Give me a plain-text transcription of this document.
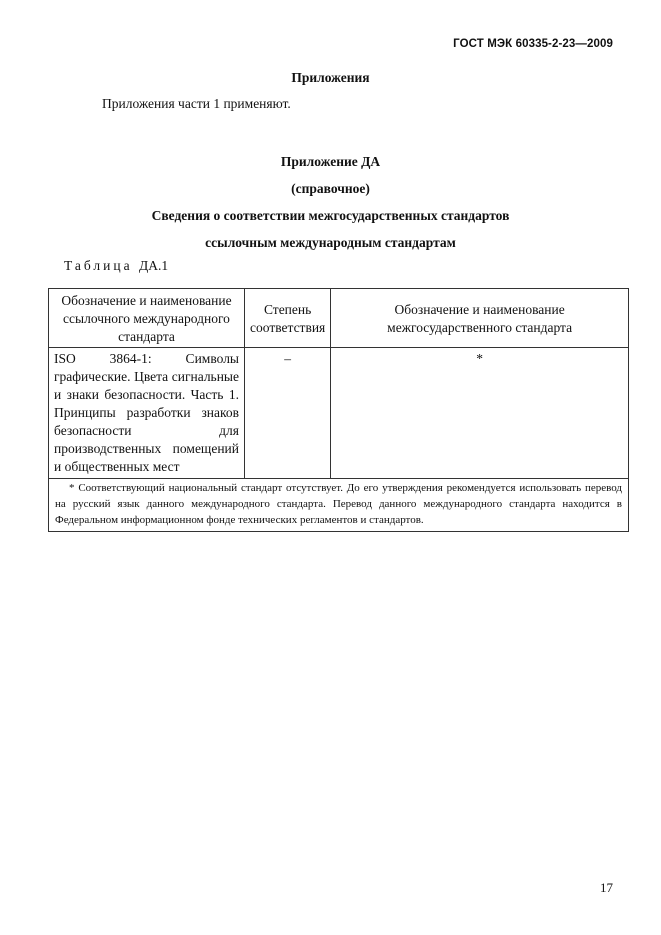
ГОСТ МЭК 60335-2-23—2009
Приложения
Приложения части 1 применяют.
Приложение ДА
(справочное)
Сведения о соответствии межгосударственных стандартов
ссылочным международным стандартам
Таблица ДА.1
Обозначение и наименование ссылочного международного стандарта	Степень соответствия	Обозначение и наименование межгосударственного стандарта
ISO 3864-1: Символы графические. Цвета сигнальные и знаки безопасности. Часть 1. Принципы разработки знаков безопасности для производственных помещений и общественных мест	–	*
* Соответствующий национальный стандарт отсутствует. До его утверждения рекомендуется использовать перевод на русский язык данного международного стандарта. Перевод данного международного стандарта находится в Федеральном информационном фонде технических регламентов и стандартов.		
17
